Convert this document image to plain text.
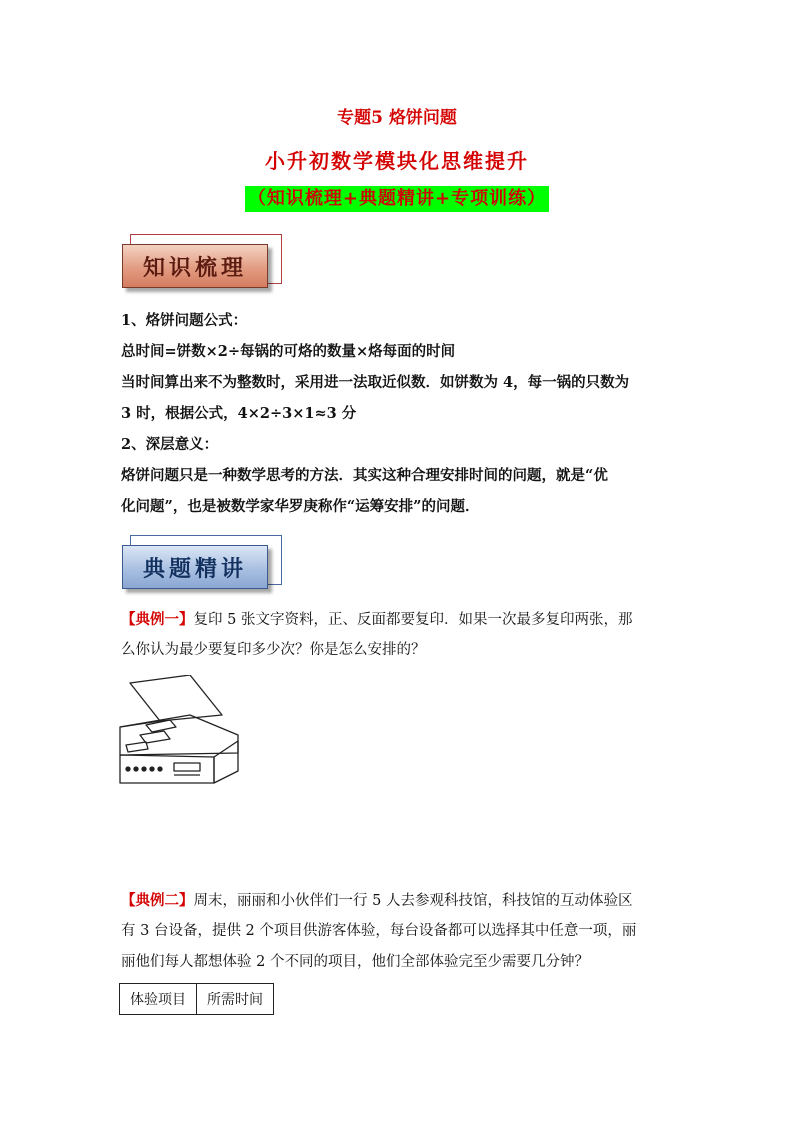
专题5 烙饼问题
小升初数学模块化思维提升
（知识梳理+典题精讲+专项训练）
知识梳理
1、烙饼问题公式：
总时间=饼数×2÷每锅的可烙的数量×烙每面的时间
当时间算出来不为整数时，采用进一法取近似数．如饼数为 4，每一锅的只数为
3 时，根据公式，4×2÷3×1≈3 分
2、深层意义：
烙饼问题只是一种数学思考的方法．其实这种合理安排时间的问题，就是“优
化问题”，也是被数学家华罗庚称作“运筹安排”的问题．
典题精讲
【典例一】复印 5 张文字资料，正、反面都要复印．如果一次最多复印两张，那
么你认为最少要复印多少次？你是怎么安排的？
【典例二】周末，丽丽和小伙伴们一行 5 人去参观科技馆，科技馆的互动体验区
有 3 台设备，提供 2 个项目供游客体验，每台设备都可以选择其中任意一项，丽
丽他们每人都想体验 2 个不同的项目，他们全部体验完至少需要几分钟？
体验项目	所需时间
